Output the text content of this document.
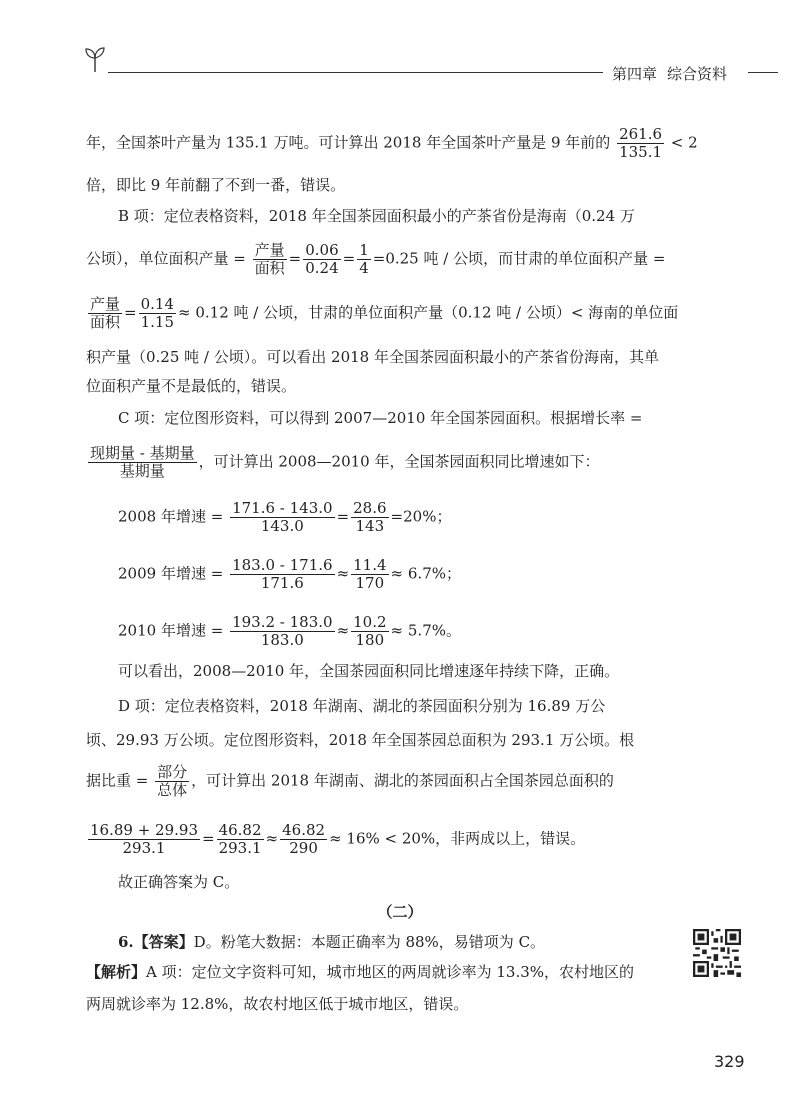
第四章 综合资料
年，全国茶叶产量为 135.1 万吨。可计算出 2018 年全国茶叶产量是 9 年前的 $\frac{261.6}{135.1} < 2$
倍，即比 9 年前翻了不到一番，错误。
B 项：定位表格资料，2018 年全国茶园面积最小的产茶省份是海南（0.24 万
公顷），单位面积产量 = $\frac{\text{产量}}{\text{面积}} = \frac{0.06}{0.24} = \frac{1}{4} =0.25$ 吨 / 公顷，而甘肃的单位面积产量 =
$\frac{\text{产量}}{\text{面积}} = \frac{0.14}{1.15} \approx 0.12$ 吨 / 公顷，甘肃的单位面积产量（0.12 吨 / 公顷）< 海南的单位面
积产量（0.25 吨 / 公顷）。可以看出 2018 年全国茶园面积最小的产茶省份海南，其单
位面积产量不是最低的，错误。
C 项：定位图形资料，可以得到 2007—2010 年全国茶园面积。根据增长率 =
$\frac{\text{现期量 - 基期量}}{\text{基期量}}$ ，可计算出 2008—2010 年，全国茶园面积同比增速如下：
2008 年增速 = $\frac{171.6 - 143.0}{143.0} = \frac{28.6}{143} =20\%$；
2009 年增速 = $\frac{183.0 - 171.6}{171.6} \approx \frac{11.4}{170} \approx 6.7\%$；
2010 年增速 = $\frac{193.2 - 183.0}{183.0} \approx \frac{10.2}{180} \approx 5.7\%$。
可以看出，2008—2010 年，全国茶园面积同比增速逐年持续下降，正确。
D 项：定位表格资料，2018 年湖南、湖北的茶园面积分别为 16.89 万公
顷、29.93 万公顷。定位图形资料，2018 年全国茶园总面积为 293.1 万公顷。根
据比重 = $\frac{\text{部分}}{\text{总体}}$ ，可计算出 2018 年湖南、湖北的茶园面积占全国茶园总面积的
$\frac{16.89 + 29.93}{293.1} = \frac{46.82}{293.1} \approx \frac{46.82}{290} \approx 16\% < 20\%$，非两成以上，错误。
故正确答案为 C。
（二）
6.【答案】D。粉笔大数据：本题正确率为 88%，易错项为 C。
【解析】A 项：定位文字资料可知，城市地区的两周就诊率为 13.3%，农村地区的
两周就诊率为 12.8%，故农村地区低于城市地区，错误。
329
